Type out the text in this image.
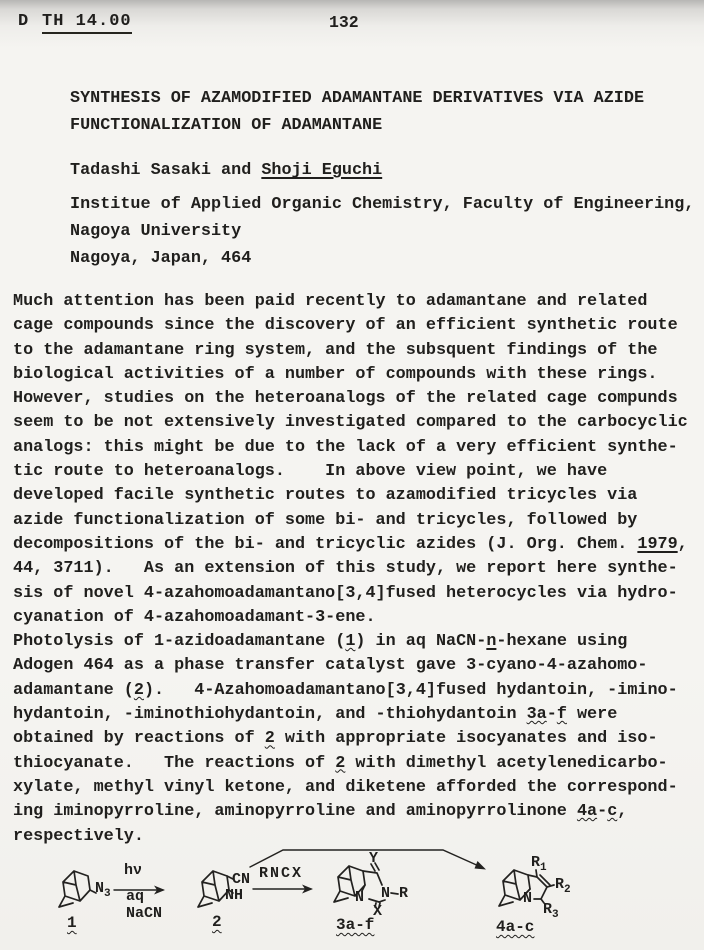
D TH 14.00	132
SYNTHESIS OF AZAMODIFIED ADAMANTANE DERIVATIVES VIA AZIDE
FUNCTIONALIZATION OF ADAMANTANE
Tadashi Sasaki and Shoji Eguchi
Institue of Applied Organic Chemistry, Faculty of Engineering,
Nagoya University
Nagoya, Japan, 464
Much attention has been paid recently to adamantane and related
cage compounds since the discovery of an efficient synthetic route
to the adamantane ring system, and the subsquent findings of the
biological activities of a number of compounds with these rings.
However, studies on the heteroanalogs of the related cage compunds
seem to be not extensively investigated compared to the carbocyclic
analogs: this might be due to the lack of a very efficient synthe-
tic route to heteroanalogs.    In above view point, we have
developed facile synthetic routes to azamodified tricycles via
azide functionalization of some bi- and tricycles, followed by
decompositions of the bi- and tricyclic azides (J. Org. Chem. 1979,
44, 3711).   As an extension of this study, we report here synthe-
sis of novel 4-azahomoadamantano[3,4]fused heterocycles via hydro-
cyanation of 4-azahomoadamant-3-ene.
Photolysis of 1-azidoadamantane (1) in aq NaCN-n-hexane using
Adogen 464 as a phase transfer catalyst gave 3-cyano-4-azahomo-
adamantane (2).   4-Azahomoadamantano[3,4]fused hydantoin, -imino-
hydantoin, -iminothiohydantoin, and -thiohydantoin 3a-f were
obtained by reactions of 2 with appropriate isocyanates and iso-
thiocyanate.   The reactions of 2 with dimethyl acetylenedicarbo-
xylate, methyl vinyl ketone, and diketene afforded the correspond-
ing iminopyrroline, aminopyrroline and aminopyrrolinone 4a-c,
respectively.
$N_3$
hν
aq
NaCN
1
CN
NH
2
RNCX
Y
N R
X
N
3a-f
$R_1$
$R_2$
$R_3$
N
4a-c
